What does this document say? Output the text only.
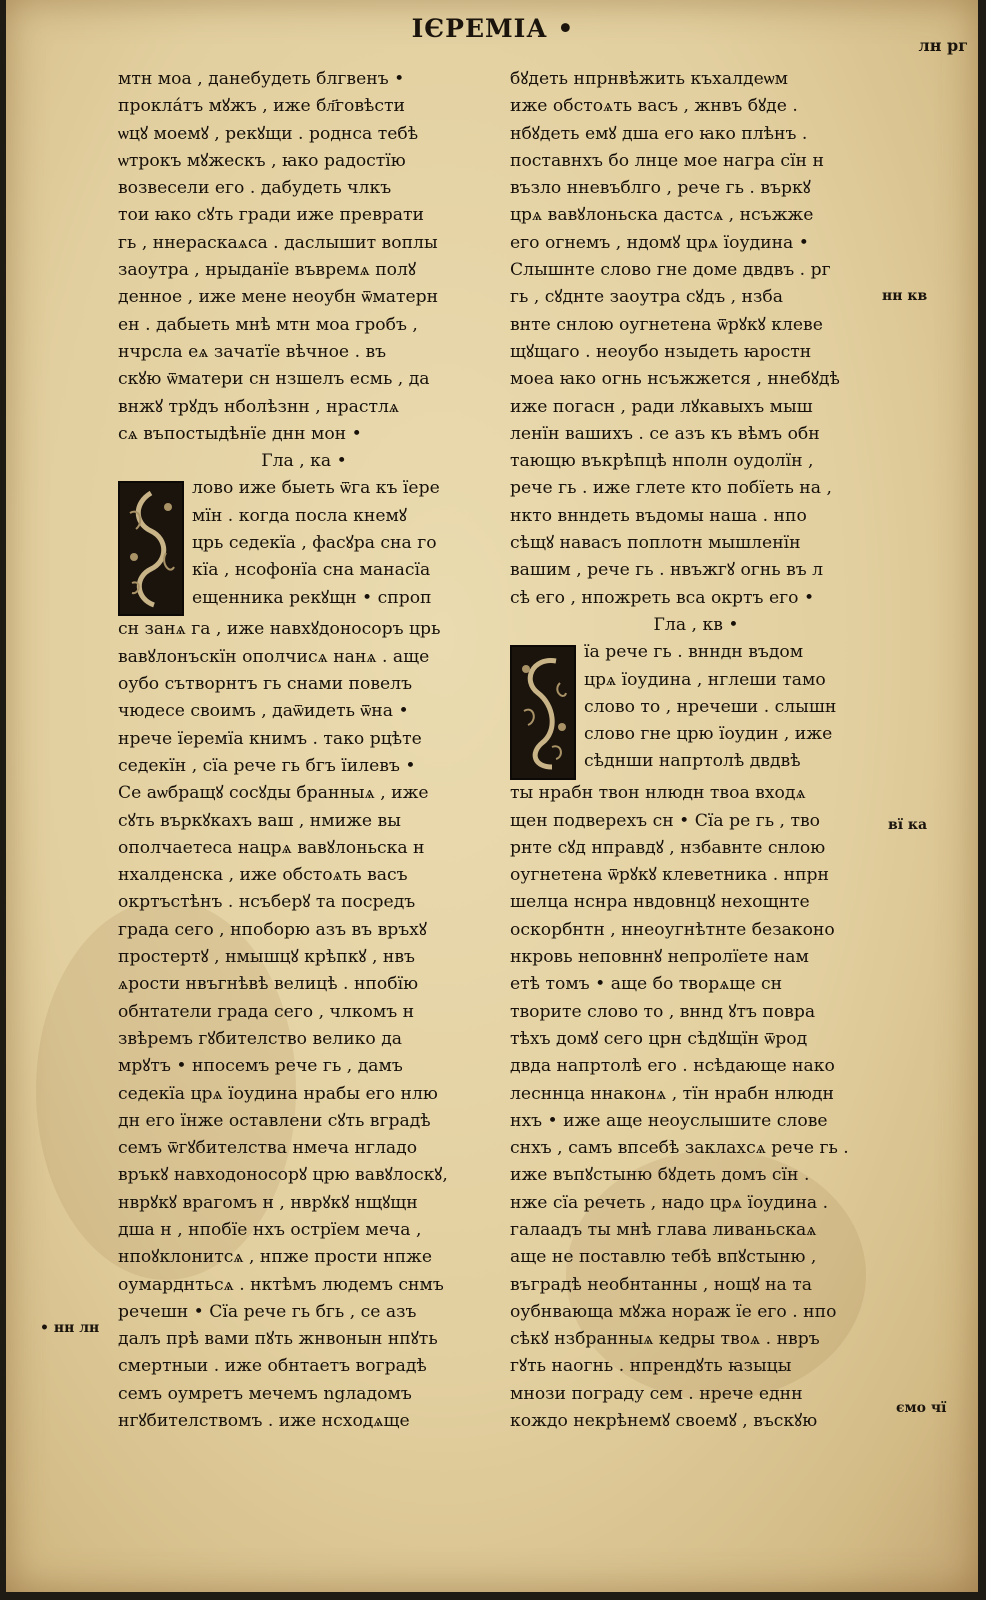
ІЄРЕМІА •
лн рг
нн кв
вї ка
• нн лн
ємо чї
мтн моа , данебудеть блгвенъ •
прокла́тъ мꙋжъ , иже бл҃говѣсти
ѡцꙋ моемꙋ , рекꙋщи . роднса тебѣ
ѡтрокъ мꙋжескъ , ꙗко радостїю
возвесели его . дабудеть члкъ
тои ꙗко сꙋть гради иже преврати
гь , ннераскаѧса . даслышит воплы
заоутра , нрыданїе въвремѧ полꙋ
денное , иже мене неоубн ѿматерн
ен . дабыеть мнѣ мтн моа гробъ ,
нчрсла еѧ зачатїе вѣчное . въ
скꙋю ѿматери сн нзшелъ есмь , да
внжꙋ трꙋдъ нболѣзнн , нрастлѧ
сѧ въпостыдѣнїе днн мон •
Гла , ка •
лово иже быеть ѿга къ їере
мїн . когда посла кнемꙋ
црь седекїа , фасꙋра сна го
кїа , нсофонїа сна манасїа
ещенника рекꙋщн • спроп
сн занѧ га , иже навхꙋдоносоръ црь
вавꙋлонъскїн ополчисѧ нанѧ . аще
оубо сътворнтъ гь снами повелъ
чюдесе своимъ , даѿидеть ѿна •
нрече їеремїа книмъ . тако рцѣте
седекїн , сїа рече гь бгъ їилевъ •
Се аѡбращꙋ сосꙋды бранныѧ , иже
сꙋть въркꙋкахъ ваш , нмиже вы
ополчаетеса нацрѧ вавꙋлоньска н
нхалденска , иже обстоѧть васъ
окртъстѣнъ . нсъберꙋ та посредъ
града сего , нпоборю азъ въ връхꙋ
простертꙋ , нмышцꙋ крѣпкꙋ , нвъ
ѧрости нвъгнѣвѣ велицѣ . нпобїю
обнтатели града сего , члкомъ н
звѣремъ гꙋбителство велико да
мрꙋтъ • нпосемъ рече гь , дамъ
седекїа црѧ їоудина нрабы его нлю
дн его їнже оставлени сꙋть вградѣ
семъ ѿгꙋбителства нмеча нгладо
връкꙋ навходоносорꙋ црю вавꙋлоскꙋ,
нврꙋкꙋ врагомъ н , нврꙋкꙋ нщꙋщн
дша н , нпобїе нхъ острїем меча ,
нпоꙋклонитсѧ , нпже прости нпже
оумарднтьсѧ . нктѣмъ людемъ снмъ
речешн • Сїа рече гь бгь , се азъ
далъ прѣ вами пꙋть жнвонын нпꙋть
смертныи . иже обнтаетъ воградѣ
семъ оумретъ мечемъ ngладомъ
нгꙋбителствомъ . иже нсходѧще
бꙋдеть нпрнвѣжить къхалдеѡм
иже обстоѧть васъ , жнвъ бꙋде .
нбꙋдеть емꙋ дша его ꙗко плѣнъ .
поставнхъ бо лнце мое награ сїн н
възло нневъблго , рече гь . въркꙋ
црѧ вавꙋлоньска дастсѧ , нсъжже
его огнемъ , ндомꙋ црѧ їоудина •
Слышнте слово гне доме двдвъ . рг
гь , сꙋднте заоутра сꙋдъ , нзба
внте снлою оугнетена ѿрꙋкꙋ клеве
щꙋщаго . неоубо нзыдеть ꙗростн
моеа ꙗко огнь нсъжжется , ннебꙋдѣ
иже погасн , ради лꙋкавыхъ мыш
ленїн вашихъ . се азъ къ вѣмъ обн
тающю въкрѣпцѣ нполн оудолїн ,
рече гь . иже глете кто побїеть на ,
нкто внндеть въдомы наша . нпо
сѣщꙋ навасъ поплотн мышленїн
вашим , рече гь . нвъжгꙋ огнь въ л
сѣ его , нпожреть вса окртъ его •
Гла , кв •
їа рече гь . внндн въдом
црѧ їоудина , нглеши тамо
слово то , нречеши . слышн
слово гне црю їоудин , иже
сѣднши напртолѣ двдвѣ
ты нрабн твон нлюдн твоа входѧ
щен подверехъ сн • Сїа ре гь , тво
рнте сꙋд нправдꙋ , нзбавнте снлою
оугнетена ѿрꙋкꙋ клеветника . нпрн
шелца нснра нвдовнцꙋ нехощнте
оскорбнтн , ннеоугнѣтнте безаконо
нкровь неповннꙋ непролїете нам
етѣ томъ • аще бо творѧще сн
творите слово то , вннд ꙋтъ повра
тѣхъ домꙋ сего црн сѣдꙋщїн ѿрод
двда напртолѣ его . нсѣдающе нако
лесннца ннаконѧ , тїн нрабн нлюдн
нхъ • иже аще неоуслышите слове
снхъ , самъ впсебѣ заклахсѧ рече гь .
иже въпꙋстыню бꙋдеть домъ сїн .
нже сїа речеть , надо црѧ їоудина .
галаадъ ты мнѣ глава ливаньскаѧ
аще не поставлю тебѣ впꙋстыню ,
въградѣ необнтанны , нощꙋ на та
оубнвающа мꙋжа нораж їе его . нпо
сѣкꙋ нзбранныѧ кедры твоѧ . нвръ
гꙋть наогнь . нпрендꙋть ꙗзыцы
мнози пограду сем . нрече еднн
кождо некрѣнемꙋ своемꙋ , въскꙋю
